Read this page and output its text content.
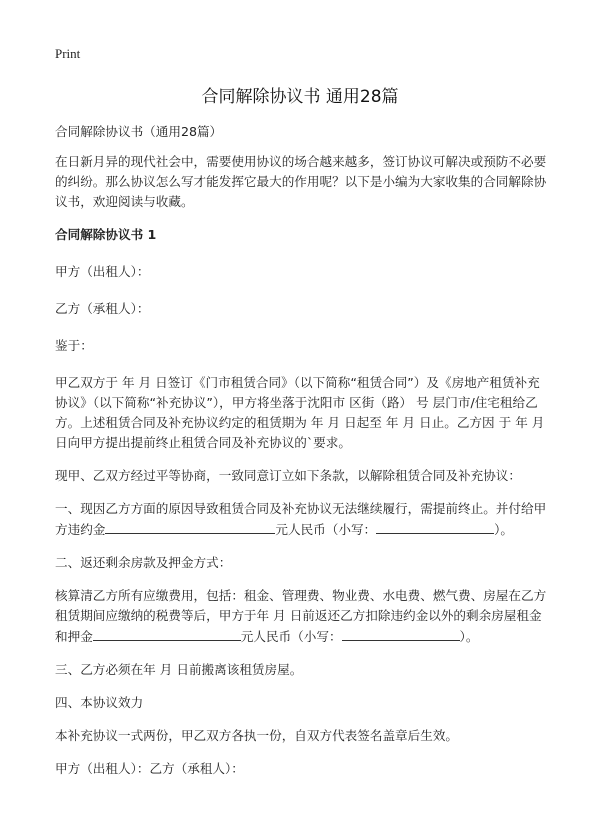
Print
合同解除协议书 通用28篇

合同解除协议书（通用28篇）

在日新月异的现代社会中，需要使用协议的场合越来越多，签订协议可解决或预防不必要的纠纷。那么协议怎么写才能发挥它最大的作用呢？以下是小编为大家收集的合同解除协议书，欢迎阅读与收藏。

合同解除协议书 1

甲方（出租人）：

乙方（承租人）：

鉴于：

甲乙双方于 年 月 日签订《门市租赁合同》（以下简称“租赁合同”）及《房地产租赁补充协议》（以下简称“补充协议”），甲方将坐落于沈阳市 区街（路） 号 层门市/住宅租给乙方。上述租赁合同及补充协议约定的租赁期为 年 月 日起至 年 月 日止。乙方因 于 年 月 日向甲方提出提前终止租赁合同及补充协议的`要求。

现甲、乙双方经过平等协商，一致同意订立如下条款，以解除租赁合同及补充协议：

一、现因乙方方面的原因导致租赁合同及补充协议无法继续履行，需提前终止。并付给甲方违约金	元人民币（小写：	）。

二、返还剩余房款及押金方式：

核算清乙方所有应缴费用，包括：租金、管理费、物业费、水电费、燃气费、房屋在乙方租赁期间应缴纳的税费等后，甲方于年 月 日前返还乙方扣除违约金以外的剩余房屋租金和押金	元人民币（小写：	）。

三、乙方必须在年 月 日前搬离该租赁房屋。

四、本协议效力

本补充协议一式两份，甲乙双方各执一份，自双方代表签名盖章后生效。

甲方（出租人）：乙方（承租人）：
